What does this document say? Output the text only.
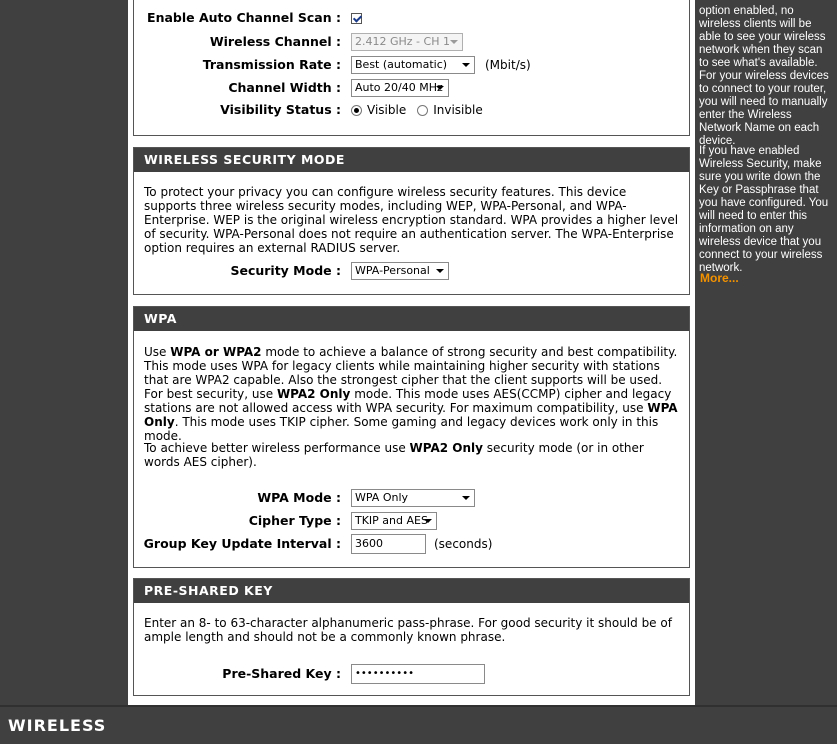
Enable Auto Channel Scan :
Wireless Channel :	2.412 GHz - CH 1
Transmission Rate :	Best (automatic)	(Mbit/s)
Channel Width :	Auto 20/40 MHz
Visibility Status : Visible Invisible
WIRELESS SECURITY MODE
To protect your privacy you can configure wireless security features. This device supports three wireless security modes, including WEP, WPA-Personal, and WPA-Enterprise. WEP is the original wireless encryption standard. WPA provides a higher level of security. WPA-Personal does not require an authentication server. The WPA-Enterprise option requires an external RADIUS server.
Security Mode :	WPA-Personal
WPA
Use WPA or WPA2 mode to achieve a balance of strong security and best compatibility. This mode uses WPA for legacy clients while maintaining higher security with stations that are WPA2 capable. Also the strongest cipher that the client supports will be used. For best security, use WPA2 Only mode. This mode uses AES(CCMP) cipher and legacy stations are not allowed access with WPA security. For maximum compatibility, use WPA Only. This mode uses TKIP cipher. Some gaming and legacy devices work only in this mode.
To achieve better wireless performance use WPA2 Only security mode (or in other words AES cipher).
WPA Mode :	WPA Only
Cipher Type :	TKIP and AES
Group Key Update Interval :	3600	(seconds)
PRE-SHARED KEY
Enter an 8- to 63-character alphanumeric pass-phrase. For good security it should be of ample length and should not be a commonly known phrase.
Pre-Shared Key :	••••••••••
option enabled, no wireless clients will be able to see your wireless network when they scan to see what's available. For your wireless devices to connect to your router, you will need to manually enter the Wireless Network Name on each device.
If you have enabled Wireless Security, make sure you write down the Key or Passphrase that you have configured. You will need to enter this information on any wireless device that you connect to your wireless network.
More...
WIRELESS
